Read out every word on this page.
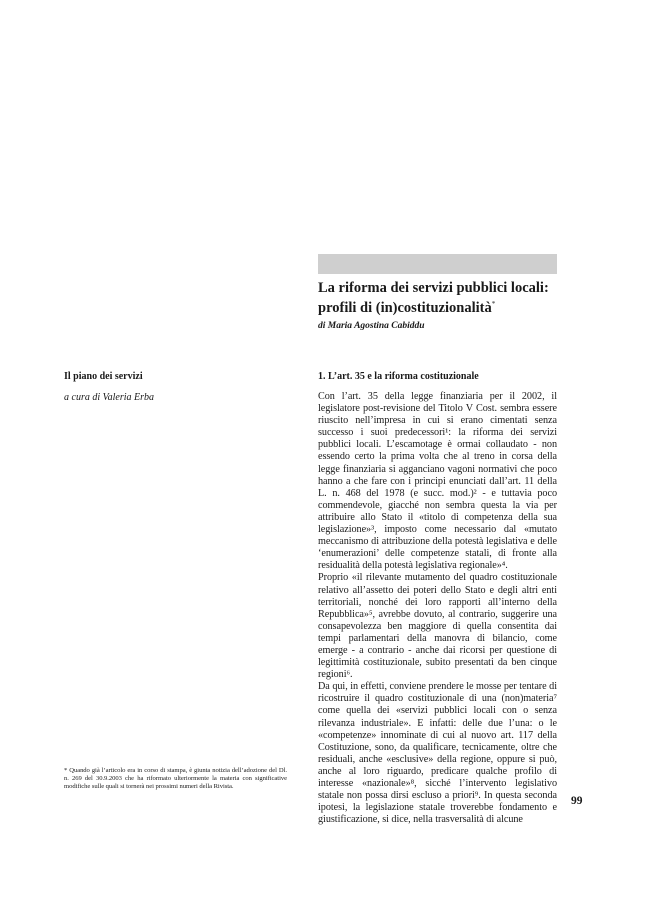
La riforma dei servizi pubblici locali: profili di (in)costituzionalità*

di Maria Agostina Cabiddu

Il piano dei servizi

a cura di Valeria Erba

1. L’art. 35 e la riforma costituzionale

Con l’art. 35 della legge finanziaria per il 2002, il legislatore post-revisione del Titolo V Cost. sembra essere riuscito nell’impresa in cui si erano cimentati senza successo i suoi predecessori¹: la riforma dei servizi pubblici locali. L’escamotage è ormai collaudato - non essendo certo la prima volta che al treno in corsa della legge finanziaria si agganciano vagoni normativi che poco hanno a che fare con i principi enunciati dall’art. 11 della L. n. 468 del 1978 (e succ. mod.)² - e tuttavia poco commendevole, giacché non sembra questa la via per attribuire allo Stato il «titolo di competenza della sua legislazione»³, imposto come necessario dal «mutato meccanismo di attribuzione della potestà legislativa e delle ‘enumerazioni’ delle competenze statali, di fronte alla residualità della potestà legislativa regionale»⁴.

Proprio «il rilevante mutamento del quadro costituzionale relativo all’assetto dei poteri dello Stato e degli altri enti territoriali, nonché dei loro rapporti all’interno della Repubblica»⁵, avrebbe dovuto, al contrario, suggerire una consapevolezza ben maggiore di quella consentita dai tempi parlamentari della manovra di bilancio, come emerge - a contrario - anche dai ricorsi per questione di legittimità costituzionale, subito presentati da ben cinque regioni⁶.

Da qui, in effetti, conviene prendere le mosse per tentare di ricostruire il quadro costituzionale di una (non)materia⁷ come quella dei «servizi pubblici locali con o senza rilevanza industriale». E infatti: delle due l’una: o le «competenze» innominate di cui al nuovo art. 117 della Costituzione, sono, da qualificare, tecnicamente, oltre che residuali, anche «esclusive» della regione, oppure si può, anche al loro riguardo, predicare qualche profilo di interesse «nazionale»⁸, sicché l’intervento legislativo statale non possa dirsi escluso a priori⁹. In questa seconda ipotesi, la legislazione statale troverebbe fondamento e giustificazione, si dice, nella trasversalità di alcune

* Quando già l’articolo era in corso di stampa, è giunta notizia dell’adozione del Dl. n. 269 del 30.9.2003 che ha riformato ulteriormente la materia con significative modifiche sulle quali si tornerà nei prossimi numeri della Rivista.

99
